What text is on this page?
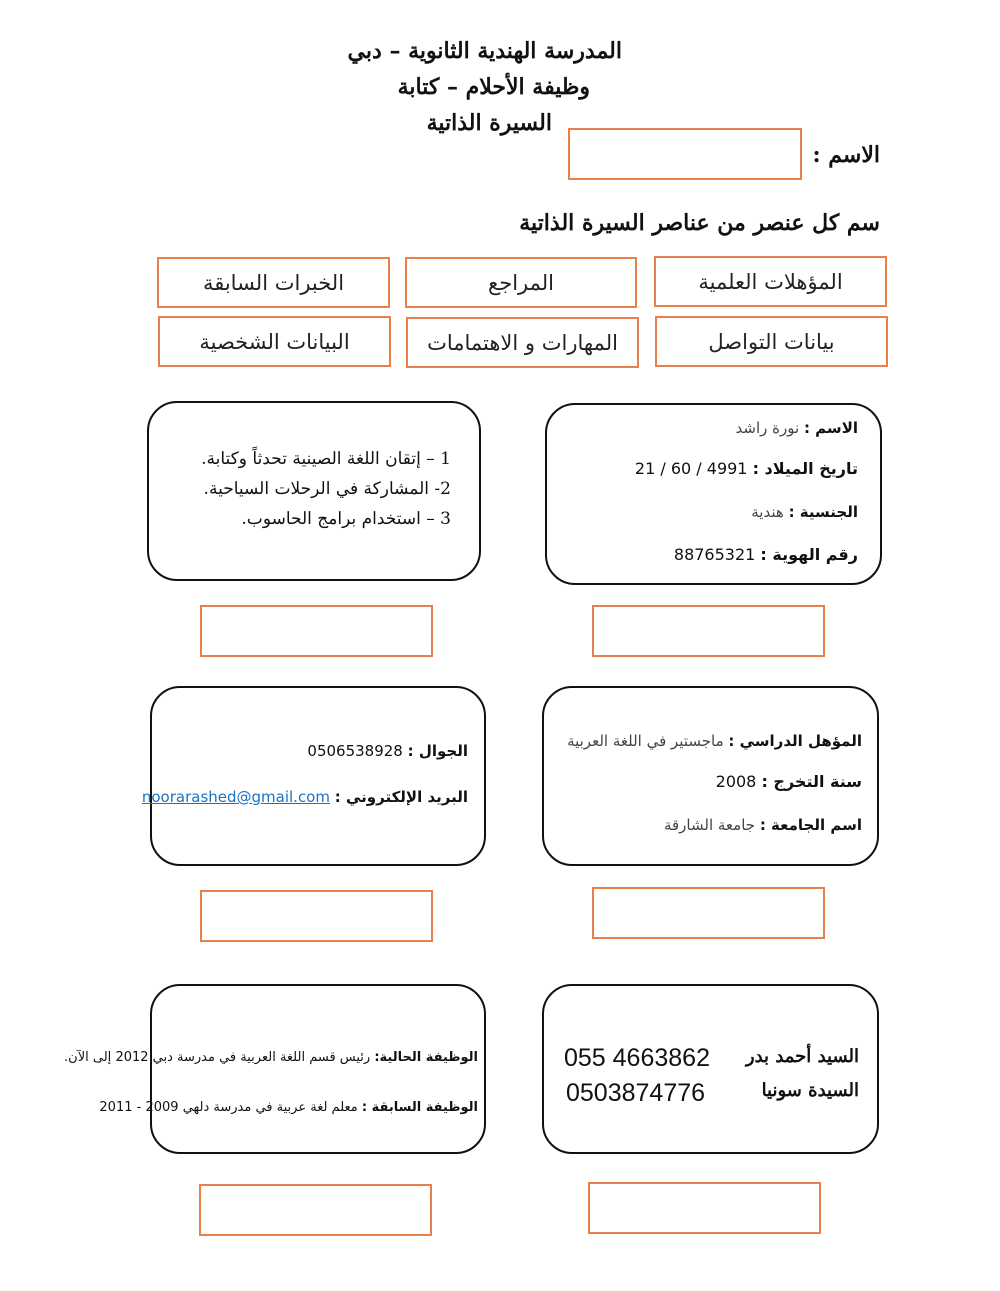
المدرسة الهندية الثانوية – دبي
وظيفة الأحلام – كتابة
السيرة الذاتية
الاسم :
سم كل عنصر من عناصر السيرة الذاتية
المؤهلات العلمية
المراجع
الخبرات السابقة
بيانات التواصل
المهارات و الاهتمامات
البيانات الشخصية
الاسم : نورة راشد
تاريخ الميلاد : 21 / 60 / 4991
الجنسية : هندية
رقم الهوية : 88765321
1 – إتقان اللغة الصينية تحدثاً وكتابة.
2- المشاركة في الرحلات السياحية.
3 – استخدام برامج الحاسوب.
المؤهل الدراسي : ماجستير في اللغة العربية
سنة التخرج : 2008
اسم الجامعة : جامعة الشارقة
الجوال : 0506538928
البريد الإلكتروني : noorarashed@gmail.com
السيد أحمد بدر
055 4663862
السيدة سونيا
0503874776
الوظيفة الحالية: رئيس قسم اللغة العربية في مدرسة دبي 2012 إلى الآن.
الوظيفة السابقة : معلم لغة عربية في مدرسة دلهي 2009 - 2011
